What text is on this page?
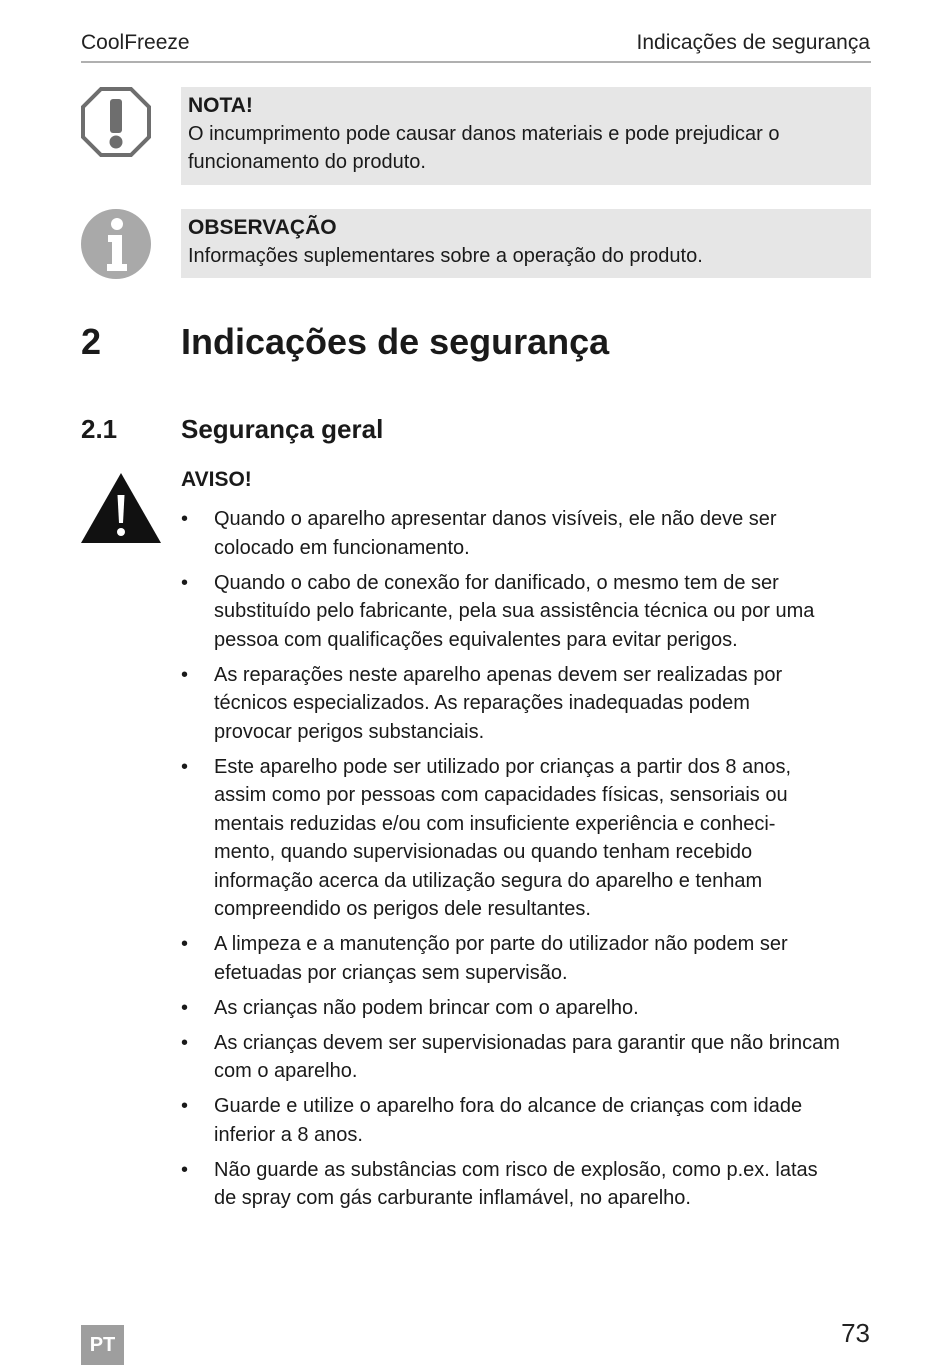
CoolFreeze	Indicações de segurança
NOTA!
O incumprimento pode causar danos materiais e pode prejudicar o
funcionamento do produto.
OBSERVAÇÃO
Informações suplementares sobre a operação do produto.
2 Indicações de segurança
2.1 Segurança geral
AVISO!
• Quando o aparelho apresentar danos visíveis, ele não deve ser
colocado em funcionamento.
• Quando o cabo de conexão for danificado, o mesmo tem de ser
substituído pelo fabricante, pela sua assistência técnica ou por uma
pessoa com qualificações equivalentes para evitar perigos.
• As reparações neste aparelho apenas devem ser realizadas por
técnicos especializados. As reparações inadequadas podem
provocar perigos substanciais.
• Este aparelho pode ser utilizado por crianças a partir dos 8 anos,
assim como por pessoas com capacidades físicas, sensoriais ou
mentais reduzidas e/ou com insuficiente experiência e conheci-
mento, quando supervisionadas ou quando tenham recebido
informação acerca da utilização segura do aparelho e tenham
compreendido os perigos dele resultantes.
• A limpeza e a manutenção por parte do utilizador não podem ser
efetuadas por crianças sem supervisão.
• As crianças não podem brincar com o aparelho.
• As crianças devem ser supervisionadas para garantir que não brincam
com o aparelho.
• Guarde e utilize o aparelho fora do alcance de crianças com idade
inferior a 8 anos.
• Não guarde as substâncias com risco de explosão, como p.ex. latas
de spray com gás carburante inflamável, no aparelho.
PT	73
